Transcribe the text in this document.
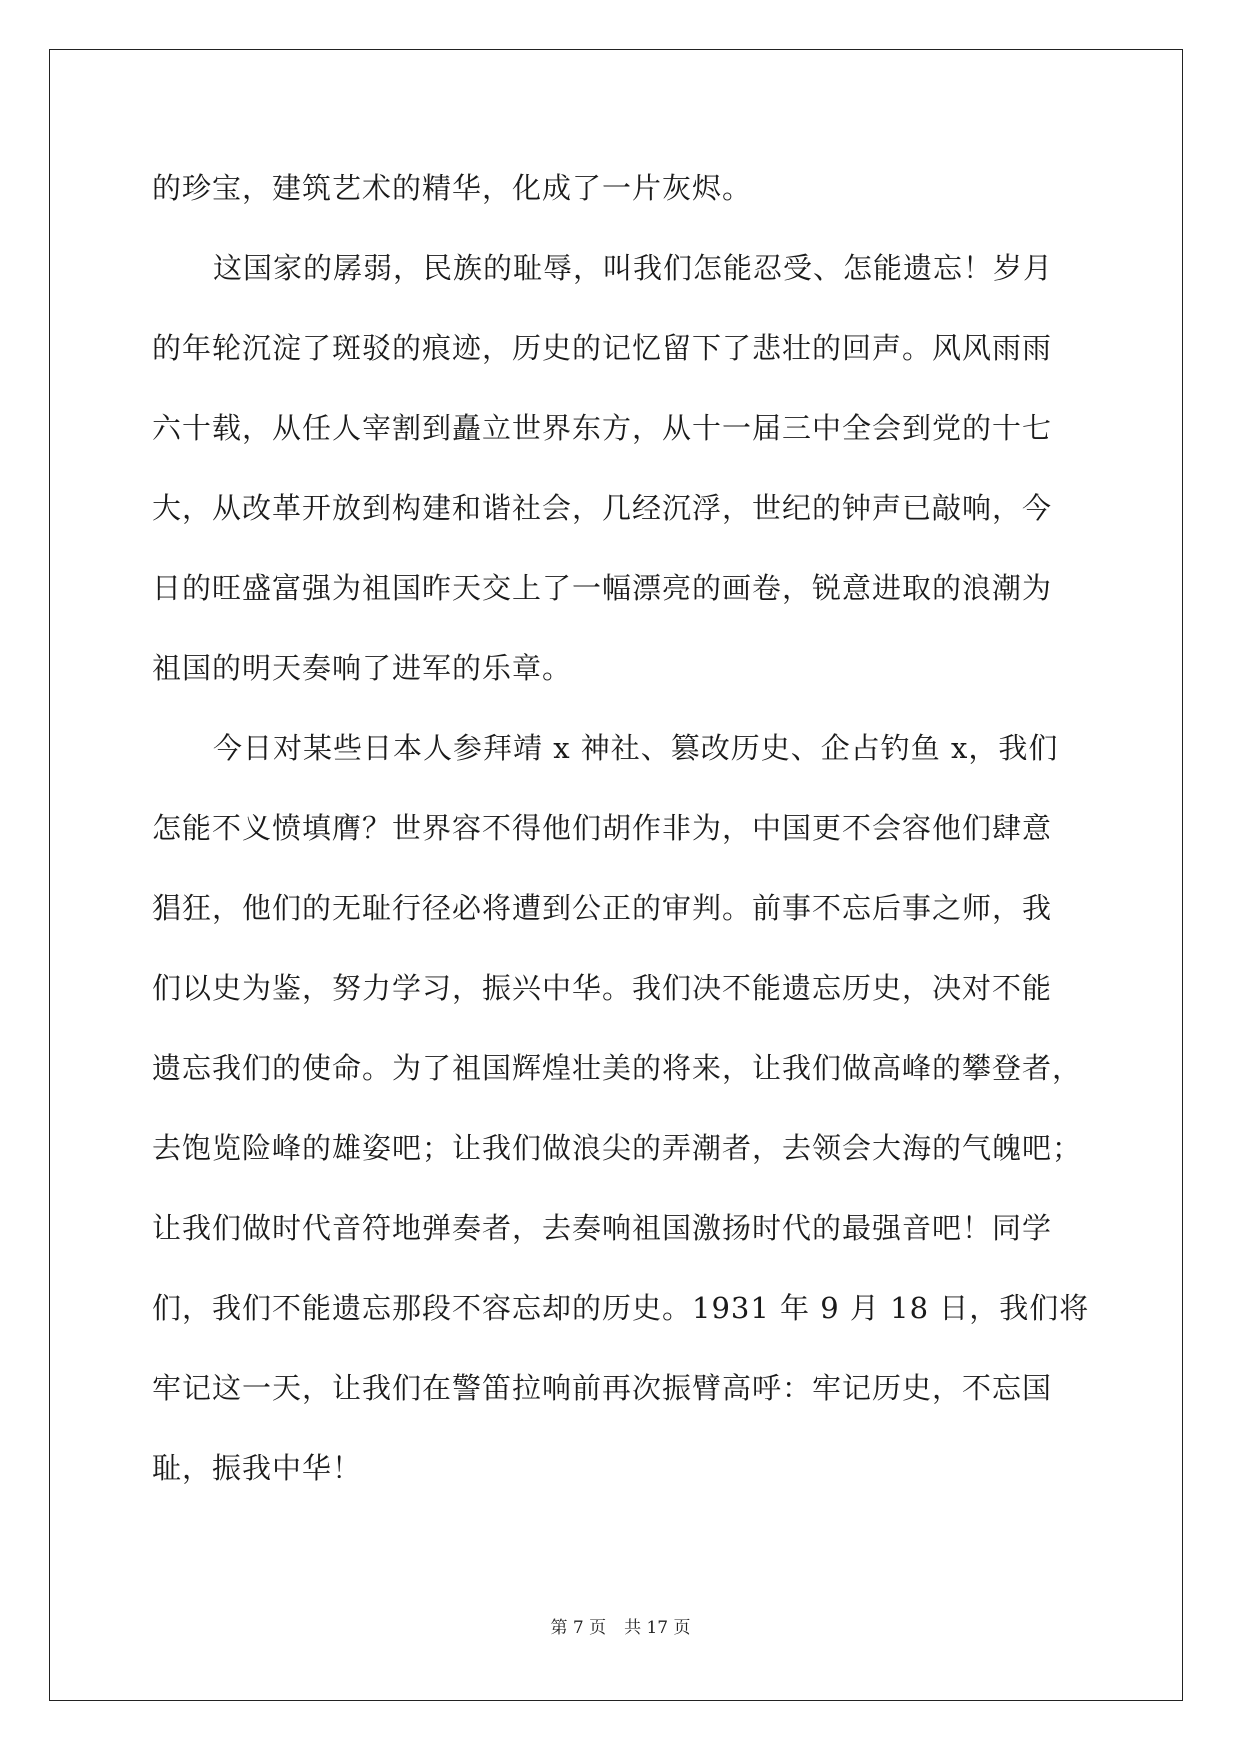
的珍宝，建筑艺术的精华，化成了一片灰烬。
这国家的孱弱，民族的耻辱，叫我们怎能忍受、怎能遗忘！岁月
的年轮沉淀了斑驳的痕迹，历史的记忆留下了悲壮的回声。风风雨雨
六十载，从任人宰割到矗立世界东方，从十一届三中全会到党的十七
大，从改革开放到构建和谐社会，几经沉浮，世纪的钟声已敲响，今
日的旺盛富强为祖国昨天交上了一幅漂亮的画卷，锐意进取的浪潮为
祖国的明天奏响了进军的乐章。
今日对某些日本人参拜靖 x 神社、篡改历史、企占钓鱼 x，我们
怎能不义愤填膺？世界容不得他们胡作非为，中国更不会容他们肆意
猖狂，他们的无耻行径必将遭到公正的审判。前事不忘后事之师，我
们以史为鉴，努力学习，振兴中华。我们决不能遗忘历史，决对不能
遗忘我们的使命。为了祖国辉煌壮美的将来，让我们做高峰的攀登者，
去饱览险峰的雄姿吧；让我们做浪尖的弄潮者，去领会大海的气魄吧；
让我们做时代音符地弹奏者，去奏响祖国激扬时代的最强音吧！同学
们，我们不能遗忘那段不容忘却的历史。1931 年 9 月 18 日，我们将
牢记这一天，让我们在警笛拉响前再次振臂高呼：牢记历史，不忘国
耻，振我中华！
第 7 页 共 17 页
